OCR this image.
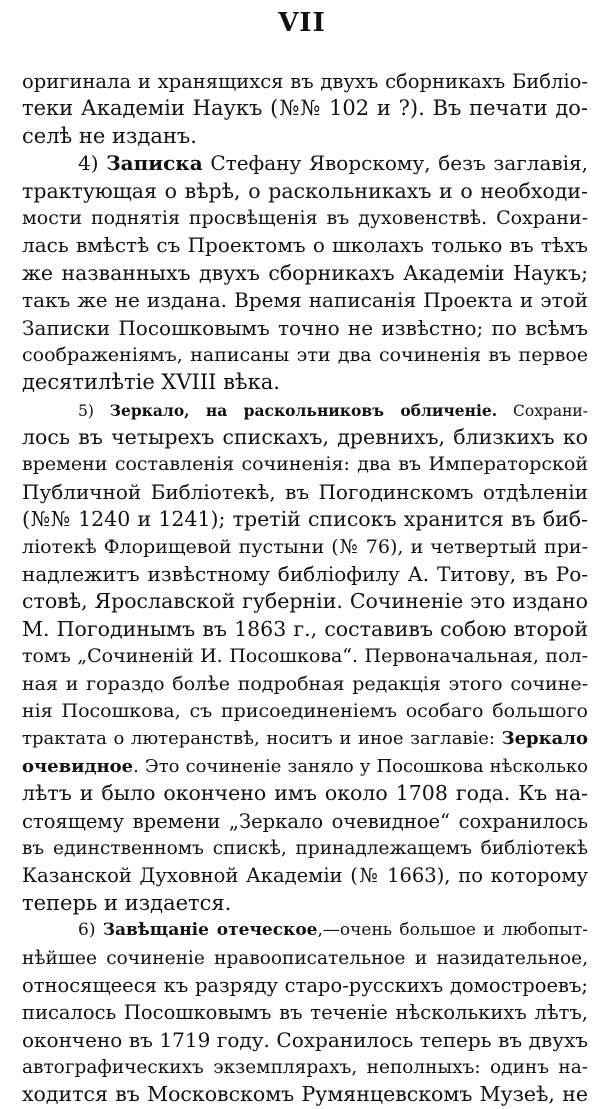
VII
оригинала и хранящихся въ двухъ сборникахъ Библіо-
теки Академіи Наукъ (№№ 102 и ?). Въ печати до-
селѣ не изданъ.
4) Записка Стефану Яворскому, безъ заглавія,
трактующая о вѣрѣ, о раскольникахъ и о необходи-
мости поднятія просвѣщенія въ духовенствѣ. Сохрани-
лась вмѣстѣ съ Проектомъ о школахъ только въ тѣхъ
же названныхъ двухъ сборникахъ Академіи Наукъ;
такъ же не издана. Время написанія Проекта и этой
Записки Посошковымъ точно не извѣстно; по всѣмъ
соображеніямъ, написаны эти два сочиненія въ первое
десятилѣтіе XVIII вѣка.
5) Зеркало, на раскольниковъ обличеніе. Сохрани-
лось въ четырехъ спискахъ, древнихъ, близкихъ ко
времени составленія сочиненія: два въ Императорской
Публичной Библіотекѣ, въ Погодинскомъ отдѣленіи
(№№ 1240 и 1241); третій списокъ хранится въ биб-
ліотекѣ Флорищевой пустыни (№ 76), и четвертый при-
надлежитъ извѣстному библіофилу А. Титову, въ Ро-
стовѣ, Ярославской губерніи. Сочиненіе это издано
М. Погодинымъ въ 1863 г., составивъ собою второй
томъ „Сочиненій И. Посошкова“. Первоначальная, пол-
ная и гораздо болѣе подробная редакція этого сочине-
нія Посошкова, съ присоединеніемъ особаго большого
трактата о лютеранствѣ, носитъ и иное заглавіе: Зеркало
очевидное. Это сочиненіе заняло у Посошкова нѣсколько
лѣтъ и было окончено имъ около 1708 года. Къ на-
стоящему времени „Зеркало очевидное“ сохранилось
въ единственномъ спискѣ, принадлежащемъ библіотекѣ
Казанской Духовной Академіи (№ 1663), по которому
теперь и издается.
6) Завѣщаніе отеческое,—очень большое и любопыт-
нѣйшее сочиненіе нравоописательное и назидательное,
относящееся къ разряду старо-русскихъ домостроевъ;
писалось Посошковымъ въ теченіе нѣсколькихъ лѣтъ,
окончено въ 1719 году. Сохранилось теперь въ двухъ
автографическихъ экземплярахъ, неполныхъ: одинъ на-
ходится въ Московскомъ Румянцевскомъ Музеѣ, не
